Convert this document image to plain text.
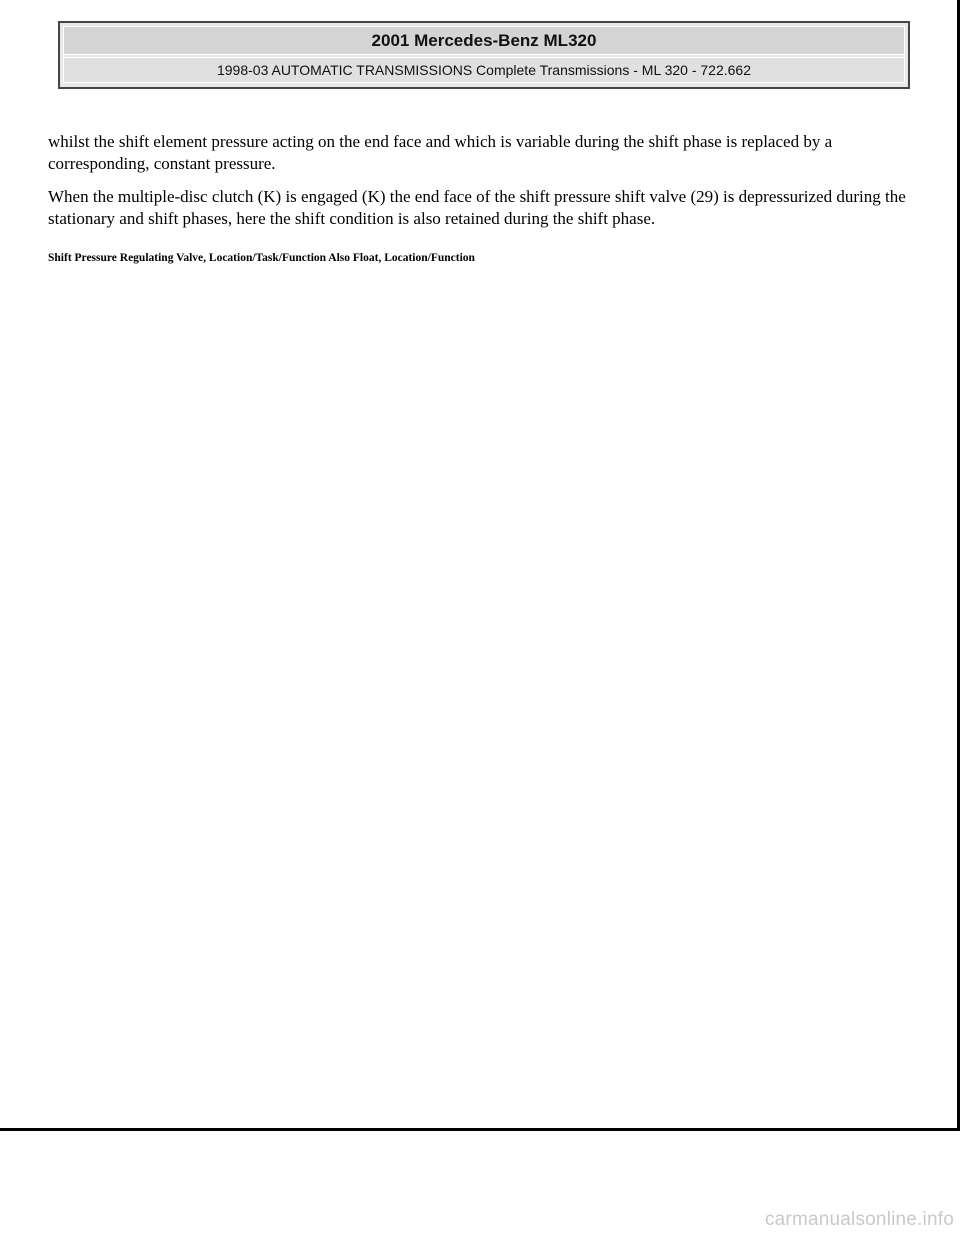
2001 Mercedes-Benz ML320
1998-03 AUTOMATIC TRANSMISSIONS Complete Transmissions - ML 320 - 722.662

whilst the shift element pressure acting on the end face and which is variable during the shift phase is replaced by a corresponding, constant pressure.

When the multiple-disc clutch (K) is engaged (K) the end face of the shift pressure shift valve (29) is depressurized during the stationary and shift phases, here the shift condition is also retained during the shift phase.

Shift Pressure Regulating Valve, Location/Task/Function Also Float, Location/Function

carmanualsonline.info
